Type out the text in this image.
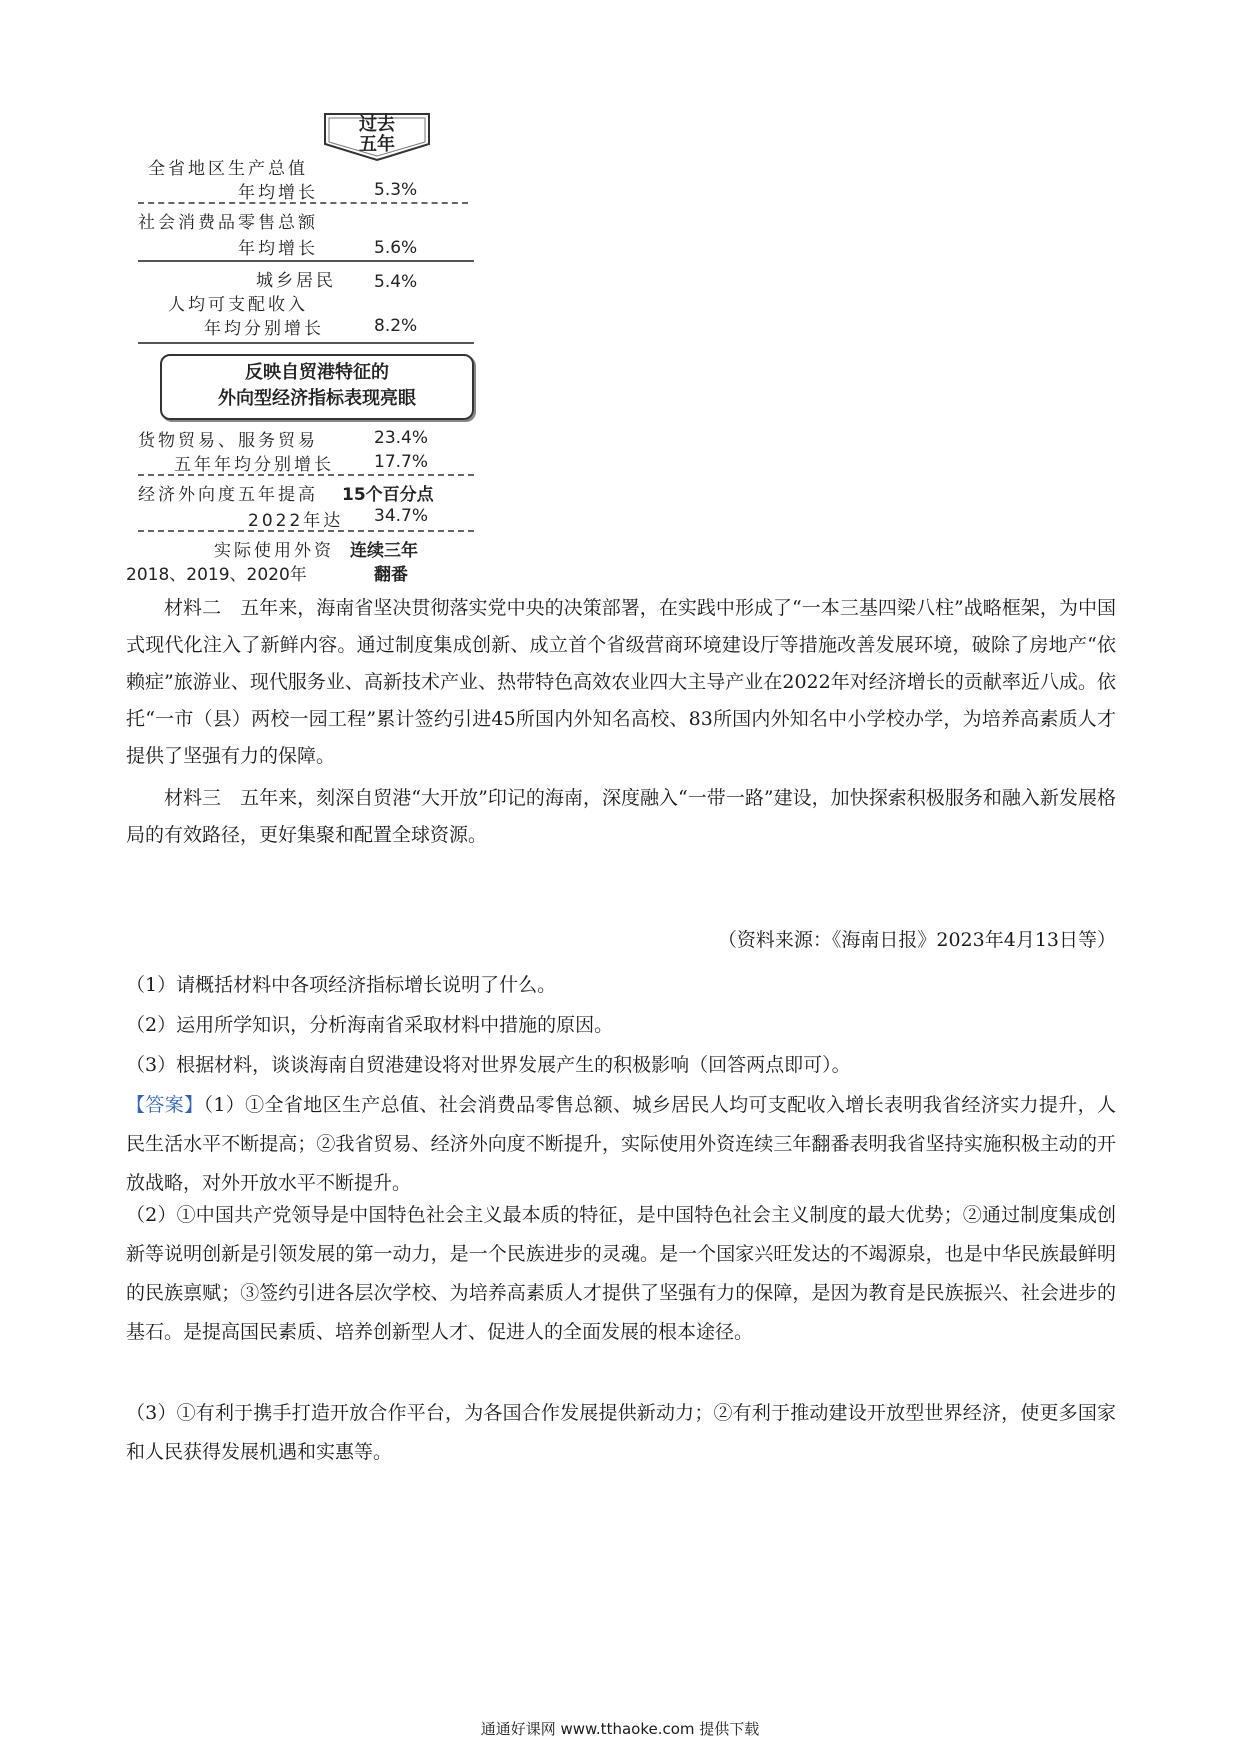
过去
五年
全省地区生产总值
年均增长	5.3%
社会消费品零售总额
年均增长	5.6%
城乡居民
人均可支配收入
年均分别增长
5.4%
8.2%
反映自贸港特征的
外向型经济指标表现亮眼
货物贸易、服务贸易
五年年均分别增长
23.4%
17.7%
经济外向度五年提高 15个百分点
2022年达 34.7%
实际使用外资
2018、2019、2020年
连续三年
翻番
材料二　五年来，海南省坚决贯彻落实党中央的决策部署，在实践中形成了“一本三基四梁八柱”战略框架，为中国式现代化注入了新鲜内容。通过制度集成创新、成立首个省级营商环境建设厅等措施改善发展环境，破除了房地产“依赖症”旅游业、现代服务业、高新技术产业、热带特色高效农业四大主导产业在2022年对经济增长的贡献率近八成。依托“一市（县）两校一园工程”累计签约引进45所国内外知名高校、83所国内外知名中小学校办学，为培养高素质人才提供了坚强有力的保障。
材料三　五年来，刻深自贸港“大开放”印记的海南，深度融入“一带一路”建设，加快探索积极服务和融入新发展格局的有效路径，更好集聚和配置全球资源。
（资料来源：《海南日报》2023年4月13日等）
（1）请概括材料中各项经济指标增长说明了什么。
（2）运用所学知识，分析海南省采取材料中措施的原因。
（3）根据材料，谈谈海南自贸港建设将对世界发展产生的积极影响（回答两点即可）。
【答案】（1）①全省地区生产总值、社会消费品零售总额、城乡居民人均可支配收入增长表明我省经济实力提升，人民生活水平不断提高；②我省贸易、经济外向度不断提升，实际使用外资连续三年翻番表明我省坚持实施积极主动的开放战略，对外开放水平不断提升。
（2）①中国共产党领导是中国特色社会主义最本质的特征，是中国特色社会主义制度的最大优势；②通过制度集成创新等说明创新是引领发展的第一动力，是一个民族进步的灵魂。是一个国家兴旺发达的不竭源泉，也是中华民族最鲜明的民族禀赋；③签约引进各层次学校、为培养高素质人才提供了坚强有力的保障，是因为教育是民族振兴、社会进步的基石。是提高国民素质、培养创新型人才、促进人的全面发展的根本途径。
（3）①有利于携手打造开放合作平台，为各国合作发展提供新动力；②有利于推动建设开放型世界经济，使更多国家和人民获得发展机遇和实惠等。
通通好课网 www.tthaoke.com 提供下载
